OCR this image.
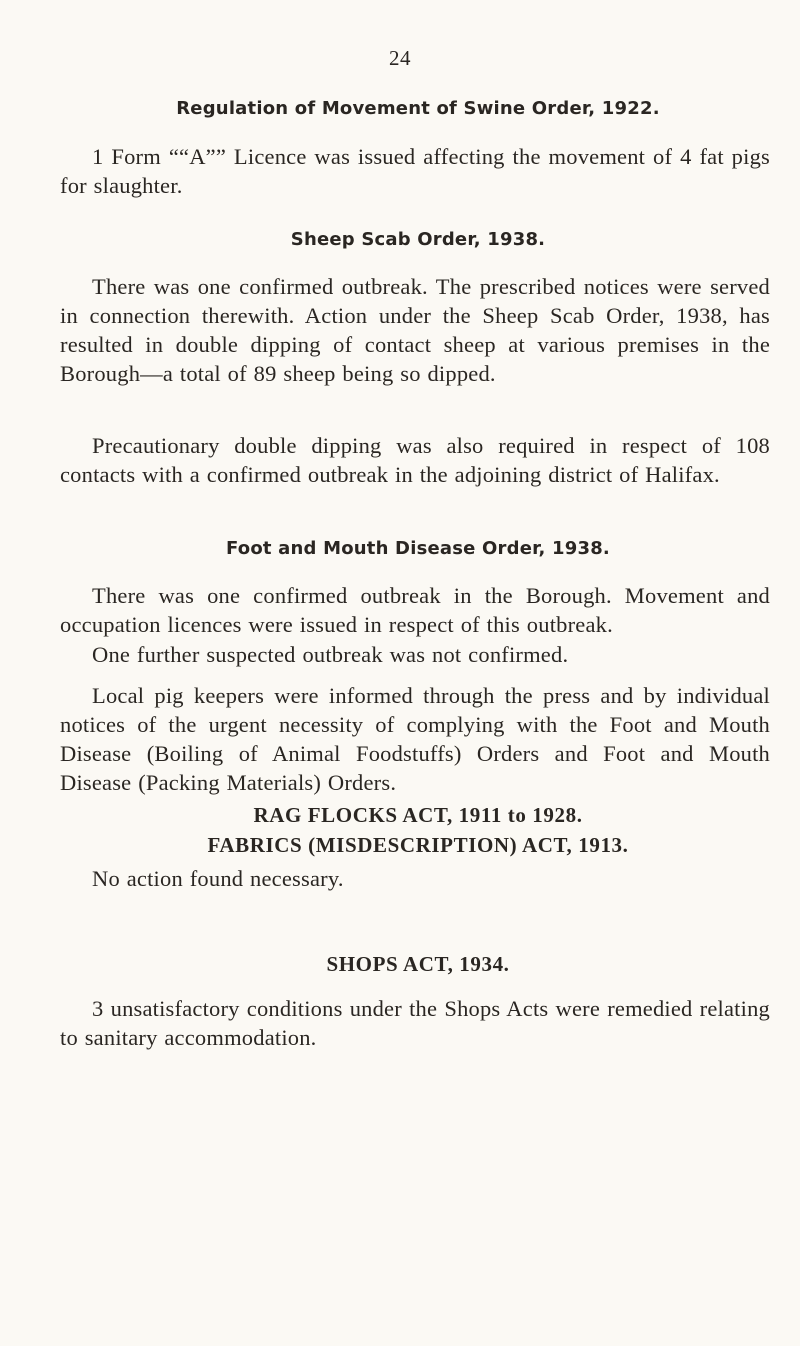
24
Regulation of Movement of Swine Order, 1922.

1 Form ““A”” Licence was issued affecting the movement of 4 fat pigs for slaughter.

Sheep Scab Order, 1938.

There was one confirmed outbreak. The prescribed notices were served in connection therewith. Action under the Sheep Scab Order, 1938, has resulted in double dipping of contact sheep at various premises in the Borough—a total of 89 sheep being so dipped.

Precautionary double dipping was also required in respect of 108 contacts with a confirmed outbreak in the adjoining district of Halifax.

Foot and Mouth Disease Order, 1938.

There was one confirmed outbreak in the Borough. Movement and occupation licences were issued in respect of this outbreak.

One further suspected outbreak was not confirmed.

Local pig keepers were informed through the press and by individual notices of the urgent necessity of complying with the Foot and Mouth Disease (Boiling of Animal Foodstuffs) Orders and Foot and Mouth Disease (Packing Materials) Orders.

RAG FLOCKS ACT, 1911 to 1928.
FABRICS (MISDESCRIPTION) ACT, 1913.

No action found necessary.

SHOPS ACT, 1934.

3 unsatisfactory conditions under the Shops Acts were remedied relating to sanitary accommodation.
